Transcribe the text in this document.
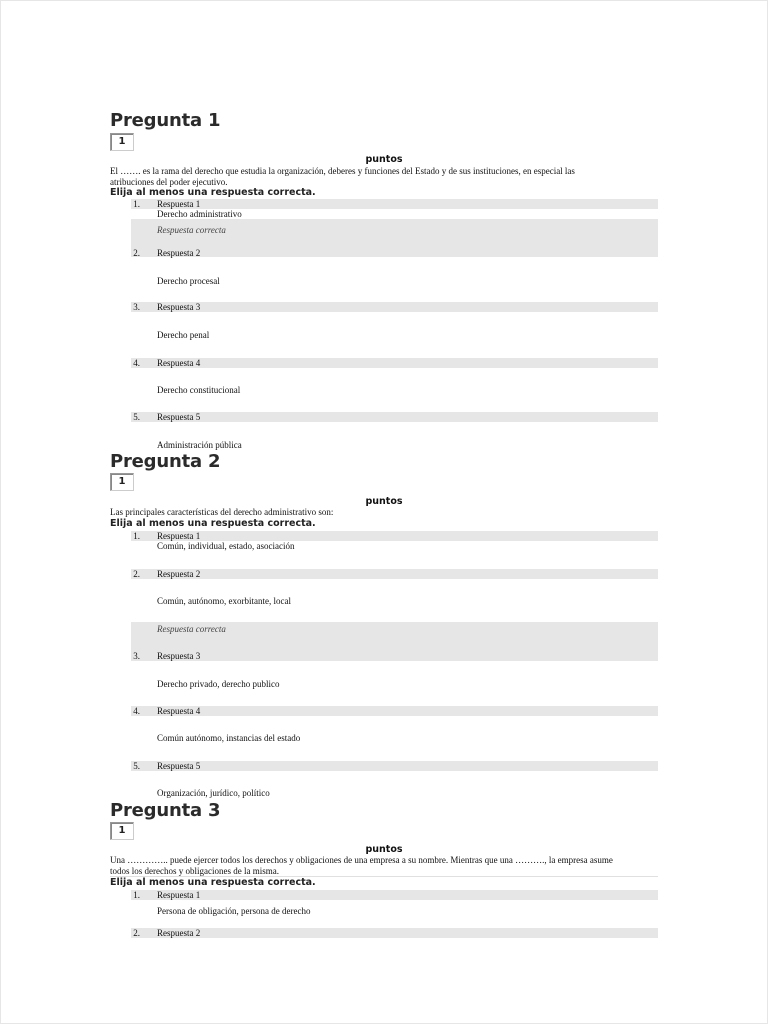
Pregunta 1
1
puntos
El ……. es la rama del derecho que estudia la organización, deberes y funciones del Estado y de sus instituciones, en especial las
atribuciones del poder ejecutivo.
Elija al menos una respuesta correcta.
1. Respuesta 1
Derecho administrativo
Respuesta correcta
2. Respuesta 2
Derecho procesal
3. Respuesta 3
Derecho penal
4. Respuesta 4
Derecho constitucional
5. Respuesta 5
Administración pública
Pregunta 2
1
puntos
Las principales características del derecho administrativo son:
Elija al menos una respuesta correcta.
1. Respuesta 1
Común, individual, estado, asociación
2. Respuesta 2
Común, autónomo, exorbitante, local
Respuesta correcta
3. Respuesta 3
Derecho privado, derecho publico
4. Respuesta 4
Común autónomo, instancias del estado
5. Respuesta 5
Organización, jurídico, político
Pregunta 3
1
puntos
Una ………….. puede ejercer todos los derechos y obligaciones de una empresa a su nombre. Mientras que una ………., la empresa asume
todos los derechos y obligaciones de la misma.
Elija al menos una respuesta correcta.
1. Respuesta 1
Persona de obligación, persona de derecho
2. Respuesta 2
